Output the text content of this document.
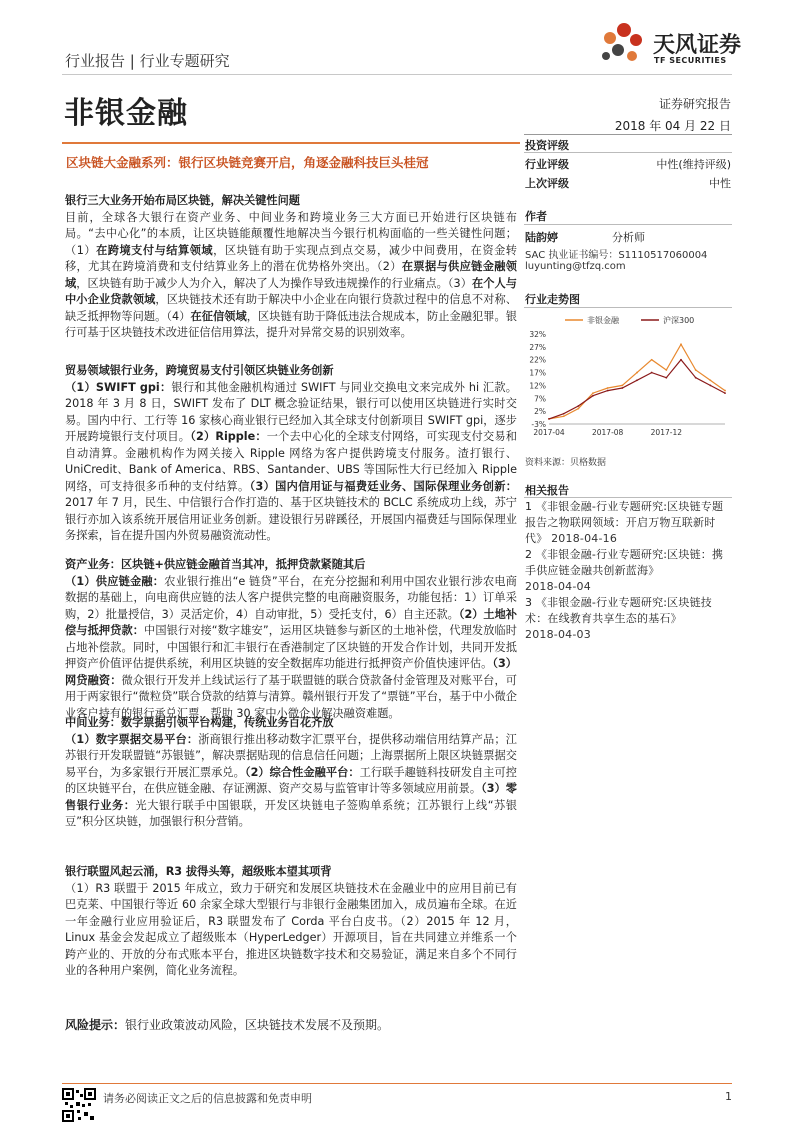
行业报告 | 行业专题研究
非银金融
天风证券
TF SECURITIES
证券研究报告
2018 年 04 月 22 日
区块链大金融系列：银行区块链竞赛开启，角逐金融科技巨头桂冠
投资评级
行业评级	中性(维持评级)
上次评级	中性
作者
陆韵婷	分析师
SAC 执业证书编号：S1110517060004
luyunting@tfzq.com
行业走势图
-3%
2%
7%
12%
17%
22%
27%
32%
2017-04	2017-08	2017-12
非银金融	沪深300
资料来源：贝格数据
相关报告
1 《非银金融-行业专题研究:区块链专题报告之物联网领域：开启万物互联新时代》 2018-04-16
2 《非银金融-行业专题研究:区块链：携手供应链金融共创新蓝海》
2018-04-04
3 《非银金融-行业专题研究:区块链技术：在线教育共享生态的基石》
2018-04-03

银行三大业务开始布局区块链，解决关键性问题

目前，全球各大银行在资产业务、中间业务和跨境业务三大方面已开始进行区块链布局。“去中心化”的本质，让区块链能颠覆性地解决当今银行机构面临的一些关键性问题；（1）在跨境支付与结算领域，区块链有助于实现点到点交易，减少中间费用，在资金转移，尤其在跨境消费和支付结算业务上的潜在优势格外突出。（2）在票据与供应链金融领域，区块链有助于减少人为介入，解决了人为操作导致违规操作的行业痛点。（3）在个人与中小企业贷款领域，区块链技术还有助于解决中小企业在向银行贷款过程中的信息不对称、缺乏抵押物等问题。（4）在征信领域，区块链有助于降低违法合规成本，防止金融犯罪。银行可基于区块链技术改进征信信用算法，提升对异常交易的识别效率。

贸易领域银行业务，跨境贸易支付引领区块链业务创新

（1）SWIFT gpi：银行和其他金融机构通过 SWIFT 与同业交换电文来完成外 hi 汇款。2018 年 3 月 8 日，SWIFT 发布了 DLT 概念验证结果，银行可以使用区块链进行实时交易。国内中行、工行等 16 家核心商业银行已经加入其全球支付创新项目 SWIFT gpi，逐步开展跨境银行支付项目。（2）Ripple：一个去中心化的全球支付网络，可实现支付交易和自动清算。金融机构作为网关接入 Ripple 网络为客户提供跨境支付服务。渣打银行、UniCredit、Bank of America、RBS、Santander、UBS 等国际性大行已经加入 Ripple 网络，可支持很多币种的支付结算。（3）国内信用证与福费廷业务、国际保理业务创新：2017 年 7 月，民生、中信银行合作打造的、基于区块链技术的 BCLC 系统成功上线，苏宁银行亦加入该系统开展信用证业务创新。建设银行另辟蹊径，开展国内福费廷与国际保理业务探索，旨在提升国内外贸易融资流动性。

资产业务：区块链+供应链金融首当其冲，抵押贷款紧随其后

（1）供应链金融：农业银行推出“e 链贷”平台，在充分挖掘和利用中国农业银行涉农电商数据的基础上，向电商供应链的法人客户提供完整的电商融资服务，功能包括：1）订单采购，2）批量授信，3）灵活定价，4）自动审批，5）受托支付，6）自主还款。（2）土地补偿与抵押贷款：中国银行对接“数字雄安”，运用区块链参与新区的土地补偿，代理发放临时占地补偿款。同时，中国银行和汇丰银行在香港制定了区块链的开发合作计划，共同开发抵押资产价值评估提供系统，利用区块链的安全数据库功能进行抵押资产价值快速评估。（3）网贷融资：微众银行开发并上线试运行了基于联盟链的联合贷款备付金管理及对账平台，可用于两家银行“微粒贷”联合贷款的结算与清算。赣州银行开发了“票链”平台，基于中小微企业客户持有的银行承兑汇票，帮助 30 家中小微企业解决融资难题。

中间业务：数字票据引领平台构建，传统业务百花齐放

（1）数字票据交易平台：浙商银行推出移动数字汇票平台，提供移动端信用结算产品；江苏银行开发联盟链“苏银链”，解决票据贴现的信息信任问题；上海票据所上限区块链票据交易平台，为多家银行开展汇票承兑。（2）综合性金融平台：工行联手趣链科技研发自主可控的区块链平台，在供应链金融、存证溯源、资产交易与监管审计等多领域应用前景。（3）零售银行业务：光大银行联手中国银联，开发区块链电子签购单系统；江苏银行上线“苏银豆”积分区块链，加强银行积分营销。

银行联盟风起云涌，R3 拔得头筹，超级账本望其项背

（1）R3 联盟于 2015 年成立，致力于研究和发展区块链技术在金融业中的应用目前已有巴克莱、中国银行等近 60 余家全球大型银行与非银行金融集团加入，成员遍布全球。在近一年金融行业应用验证后，R3 联盟发布了 Corda 平台白皮书。（2）2015 年 12 月，Linux 基金会发起成立了超级账本（HyperLedger）开源项目，旨在共同建立并维系一个跨产业的、开放的分布式账本平台，推进区块链数字技术和交易验证，满足来自多个不同行业的各种用户案例，简化业务流程。

风险提示：银行业政策波动风险，区块链技术发展不及预期。

请务必阅读正文之后的信息披露和免责申明	1
